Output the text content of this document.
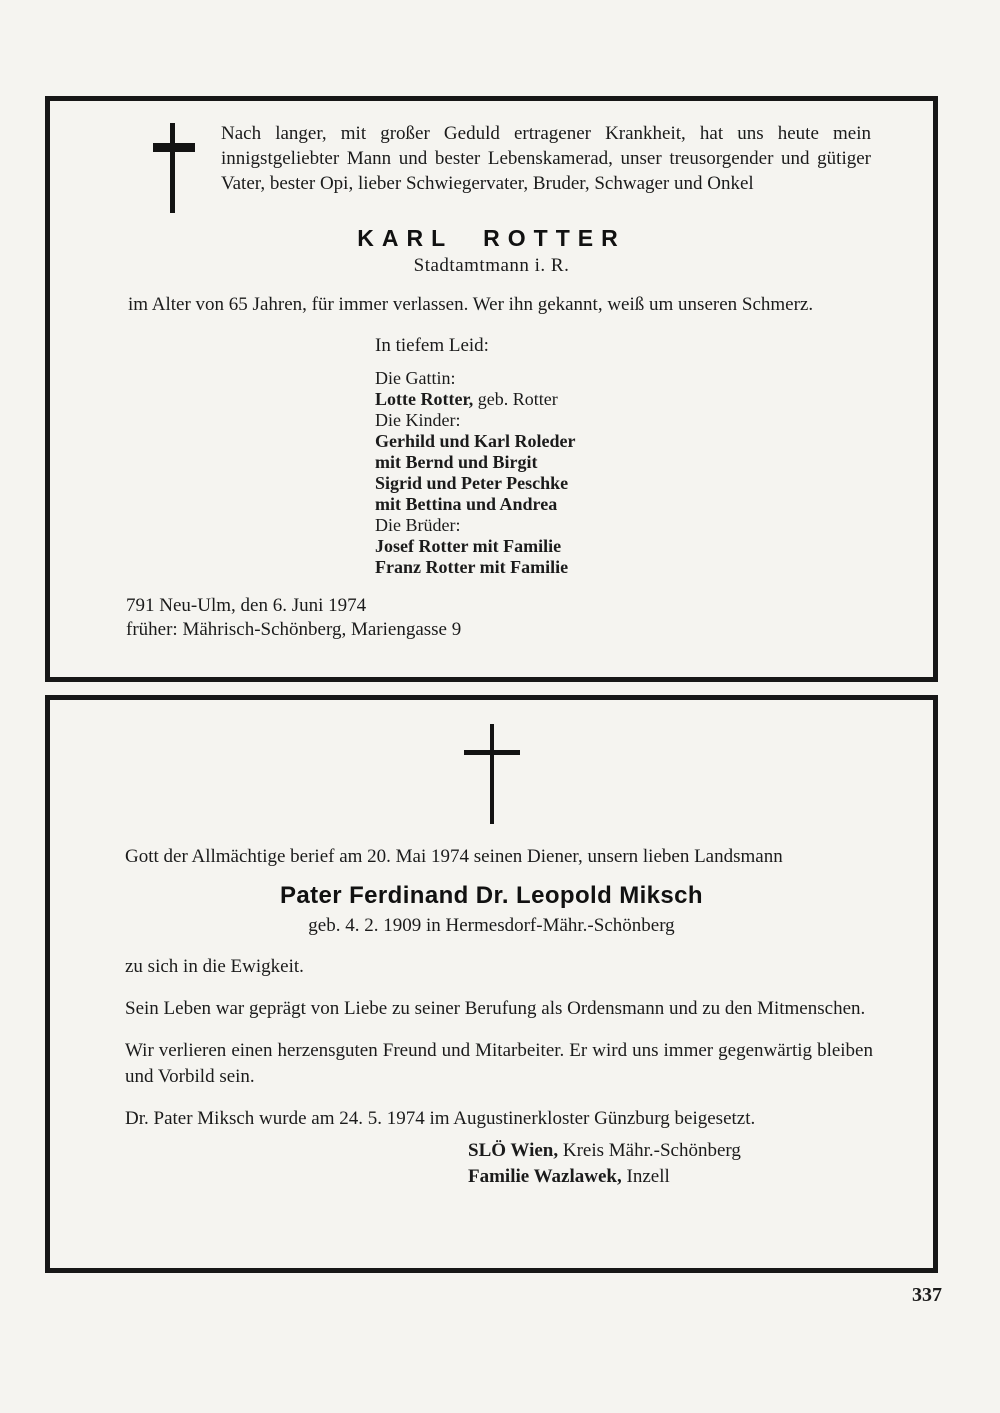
Nach langer, mit großer Geduld ertragener Krankheit, hat uns heute mein innigstgeliebter Mann und bester Lebenskamerad, unser treusorgender und gütiger Vater, bester Opi, lieber Schwiegervater, Bruder, Schwager und Onkel

KARL ROTTER
Stadtamtmann i. R.

im Alter von 65 Jahren, für immer verlassen. Wer ihn gekannt, weiß um unseren Schmerz.

In tiefem Leid:
Die Gattin:
Lotte Rotter, geb. Rotter
Die Kinder:
Gerhild und Karl Roleder
mit Bernd und Birgit
Sigrid und Peter Peschke
mit Bettina und Andrea
Die Brüder:
Josef Rotter mit Familie
Franz Rotter mit Familie
791 Neu-Ulm, den 6. Juni 1974
früher: Mährisch-Schönberg, Mariengasse 9

Gott der Allmächtige berief am 20. Mai 1974 seinen Diener, unsern lieben Landsmann

Pater Ferdinand Dr. Leopold Miksch
geb. 4. 2. 1909 in Hermesdorf-Mähr.-Schönberg

zu sich in die Ewigkeit.

Sein Leben war geprägt von Liebe zu seiner Berufung als Ordensmann und zu den Mitmenschen.

Wir verlieren einen herzensguten Freund und Mitarbeiter. Er wird uns immer gegenwärtig bleiben und Vorbild sein.

Dr. Pater Miksch wurde am 24. 5. 1974 im Augustinerkloster Günzburg beigesetzt.

SLÖ Wien, Kreis Mähr.-Schönberg
Familie Wazlawek, Inzell
337
